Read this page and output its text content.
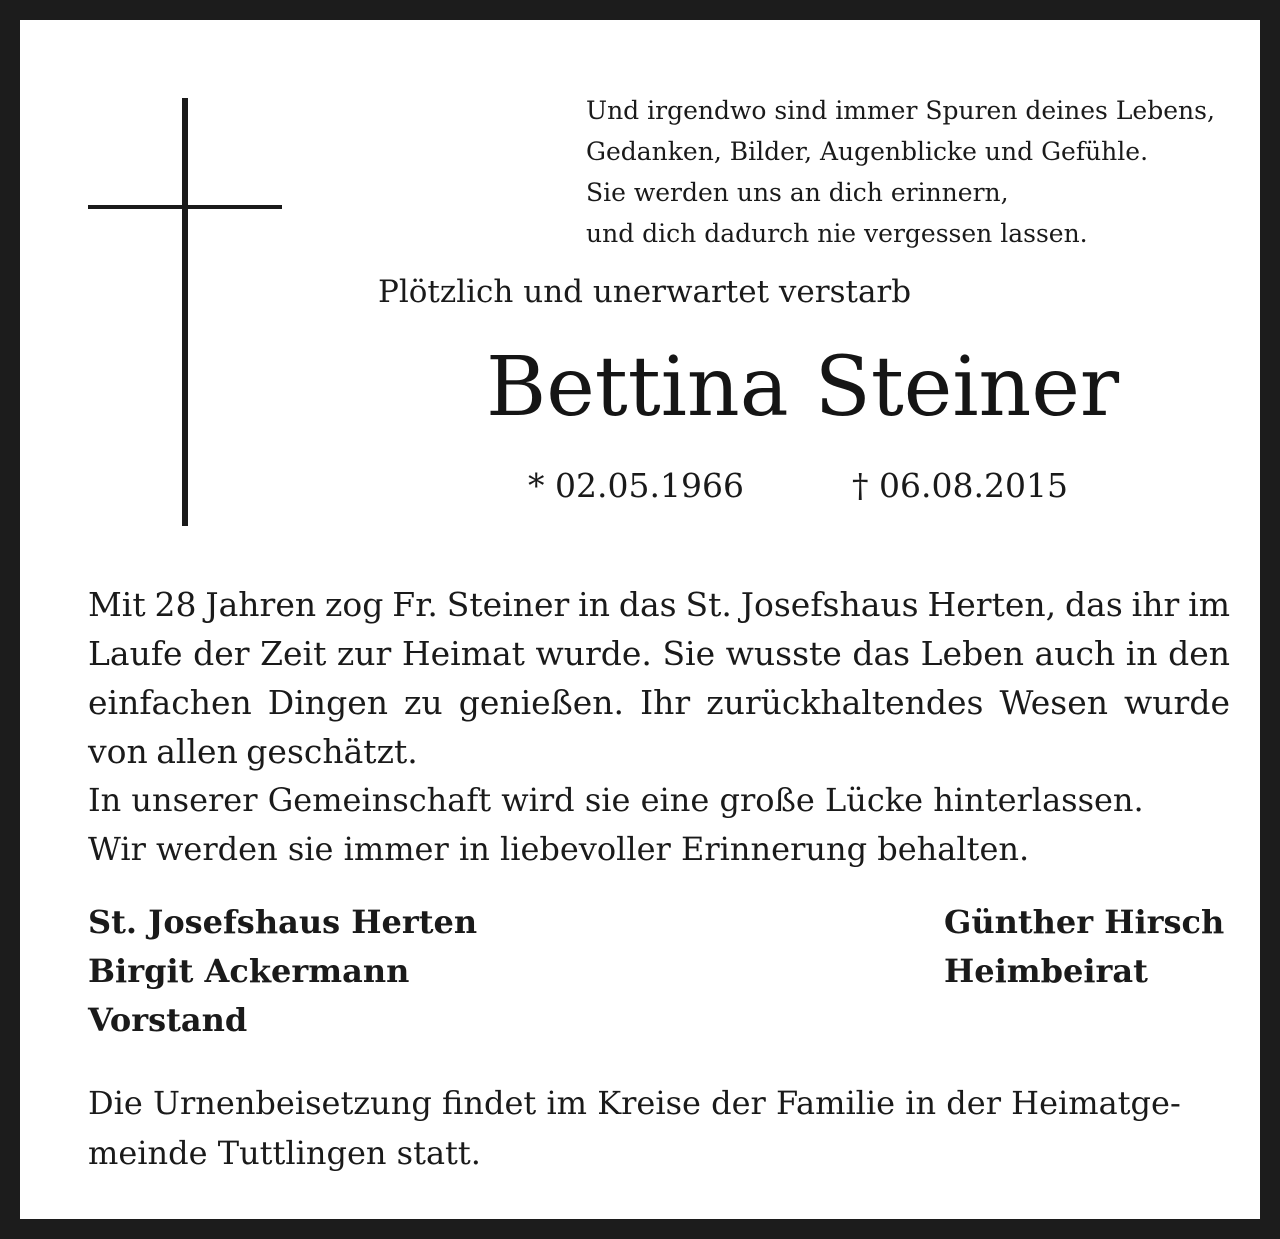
Und irgendwo sind immer Spuren deines Lebens,
Gedanken, Bilder, Augenblicke und Gefühle.
Sie werden uns an dich erinnern,
und dich dadurch nie vergessen lassen.
Plötzlich und unerwartet verstarb
Bettina Steiner
* 02.05.1966	† 06.08.2015
Mit 28 Jahren zog Fr. Steiner in das St. Josefshaus Herten, das ihr im Laufe der Zeit zur Heimat wurde. Sie wusste das Leben auch in den einfachen Dingen zu genießen. Ihr zurückhaltendes Wesen wurde von allen geschätzt.
In unserer Gemeinschaft wird sie eine große Lücke hinterlassen.
Wir werden sie immer in liebevoller Erinnerung behalten.
St. Josefshaus Herten
Birgit Ackermann
Vorstand
Günther Hirsch
Heimbeirat
Die Urnenbeisetzung findet im Kreise der Familie in der Heimatge-
meinde Tuttlingen statt.
